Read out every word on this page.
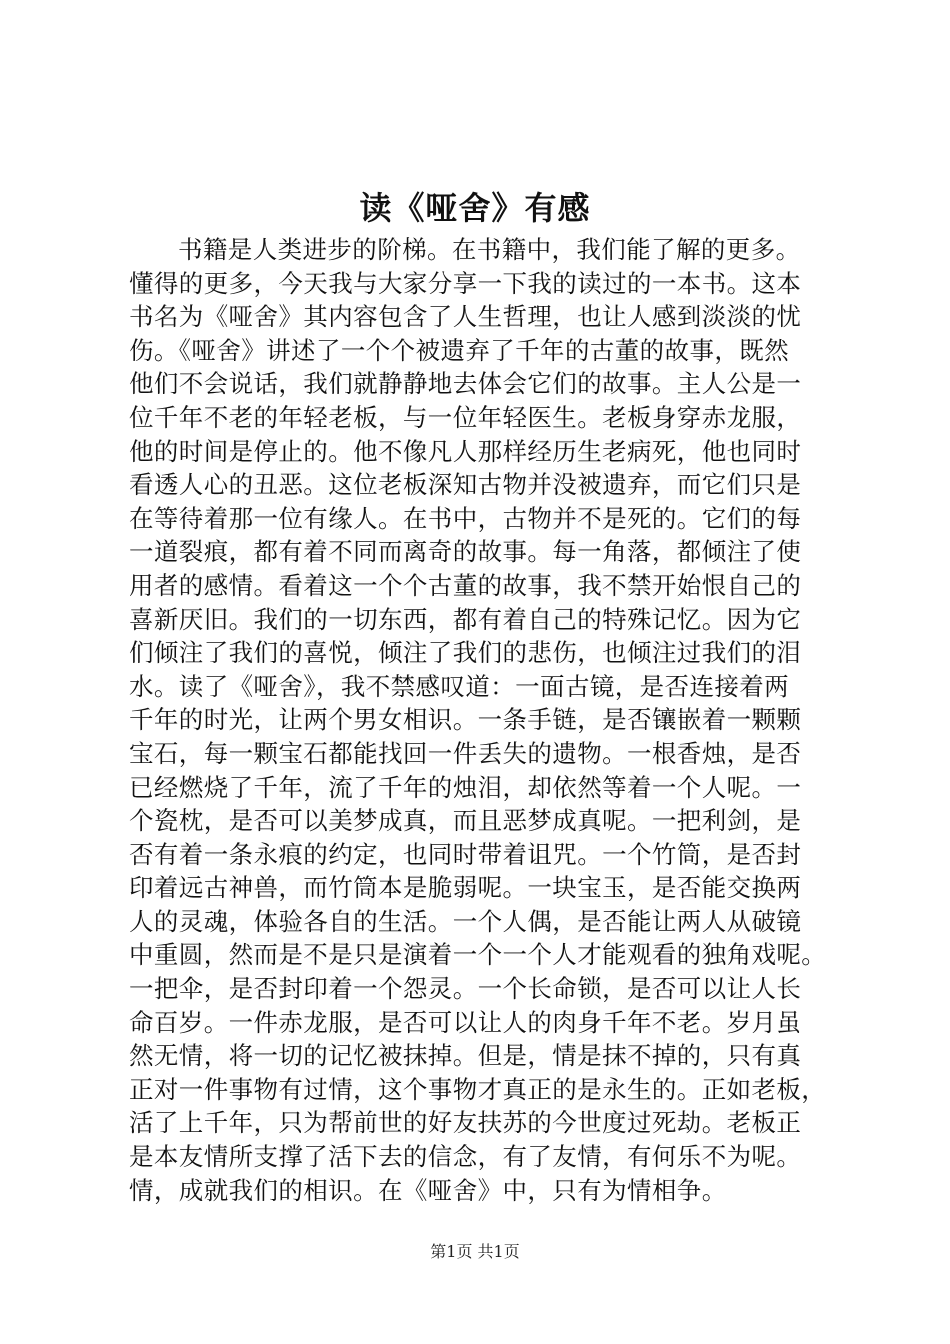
读《哑舍》有感
书籍是人类进步的阶梯。在书籍中，我们能了解的更多。
懂得的更多，今天我与大家分享一下我的读过的一本书。这本
书名为《哑舍》其内容包含了人生哲理，也让人感到淡淡的忧
伤。《哑舍》讲述了一个个被遗弃了千年的古董的故事，既然
他们不会说话，我们就静静地去体会它们的故事。主人公是一
位千年不老的年轻老板，与一位年轻医生。老板身穿赤龙服，
他的时间是停止的。他不像凡人那样经历生老病死，他也同时
看透人心的丑恶。这位老板深知古物并没被遗弃，而它们只是
在等待着那一位有缘人。在书中，古物并不是死的。它们的每
一道裂痕，都有着不同而离奇的故事。每一角落，都倾注了使
用者的感情。看着这一个个古董的故事，我不禁开始恨自己的
喜新厌旧。我们的一切东西，都有着自己的特殊记忆。因为它
们倾注了我们的喜悦，倾注了我们的悲伤，也倾注过我们的泪
水。读了《哑舍》，我不禁感叹道：一面古镜，是否连接着两
千年的时光，让两个男女相识。一条手链，是否镶嵌着一颗颗
宝石，每一颗宝石都能找回一件丢失的遗物。一根香烛，是否
已经燃烧了千年，流了千年的烛泪，却依然等着一个人呢。一
个瓷枕，是否可以美梦成真，而且恶梦成真呢。一把利剑，是
否有着一条永痕的约定，也同时带着诅咒。一个竹筒，是否封
印着远古神兽，而竹筒本是脆弱呢。一块宝玉，是否能交换两
人的灵魂，体验各自的生活。一个人偶，是否能让两人从破镜
中重圆，然而是不是只是演着一个一个人才能观看的独角戏呢。
一把伞，是否封印着一个怨灵。一个长命锁，是否可以让人长
命百岁。一件赤龙服，是否可以让人的肉身千年不老。岁月虽
然无情，将一切的记忆被抹掉。但是，情是抹不掉的，只有真
正对一件事物有过情，这个事物才真正的是永生的。正如老板，
活了上千年，只为帮前世的好友扶苏的今世度过死劫。老板正
是本友情所支撑了活下去的信念，有了友情，有何乐不为呢。
情，成就我们的相识。在《哑舍》中，只有为情相争。
第1页 共1页
